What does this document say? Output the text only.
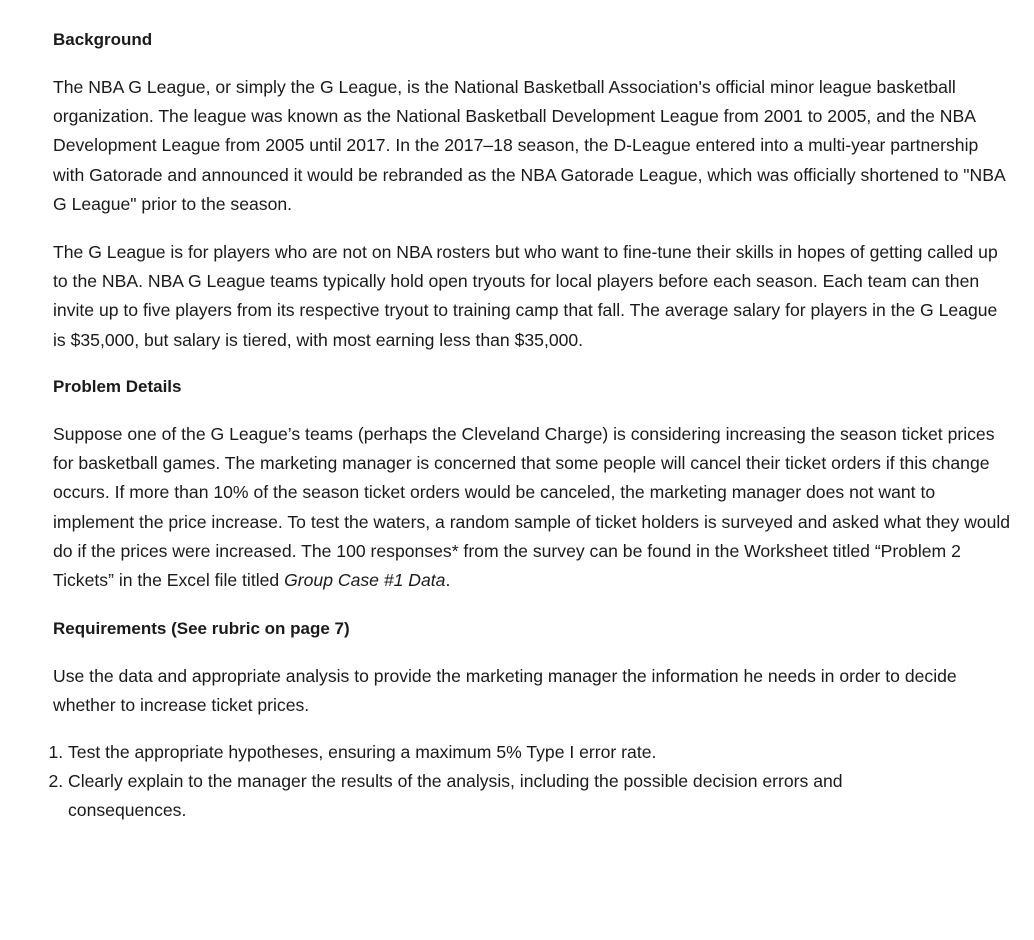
Background

The NBA G League, or simply the G League, is the National Basketball Association's official minor league basketball organization. The league was known as the National Basketball Development League from 2001 to 2005, and the NBA Development League from 2005 until 2017. In the 2017–18 season, the D-League entered into a multi-year partnership with Gatorade and announced it would be rebranded as the NBA Gatorade League, which was officially shortened to "NBA G League" prior to the season.

The G League is for players who are not on NBA rosters but who want to fine-tune their skills in hopes of getting called up to the NBA. NBA G League teams typically hold open tryouts for local players before each season. Each team can then invite up to five players from its respective tryout to training camp that fall. The average salary for players in the G League is $35,000, but salary is tiered, with most earning less than $35,000.

Problem Details

Suppose one of the G League’s teams (perhaps the Cleveland Charge) is considering increasing the season ticket prices for basketball games. The marketing manager is concerned that some people will cancel their ticket orders if this change occurs. If more than 10% of the season ticket orders would be canceled, the marketing manager does not want to implement the price increase. To test the waters, a random sample of ticket holders is surveyed and asked what they would do if the prices were increased. The 100 responses* from the survey can be found in the Worksheet titled “Problem 2 Tickets” in the Excel file titled Group Case #1 Data.

Requirements (See rubric on page 7)

Use the data and appropriate analysis to provide the marketing manager the information he needs in order to decide whether to increase ticket prices.

1. Test the appropriate hypotheses, ensuring a maximum 5% Type I error rate.
2. Clearly explain to the manager the results of the analysis, including the possible decision errors and consequences.
